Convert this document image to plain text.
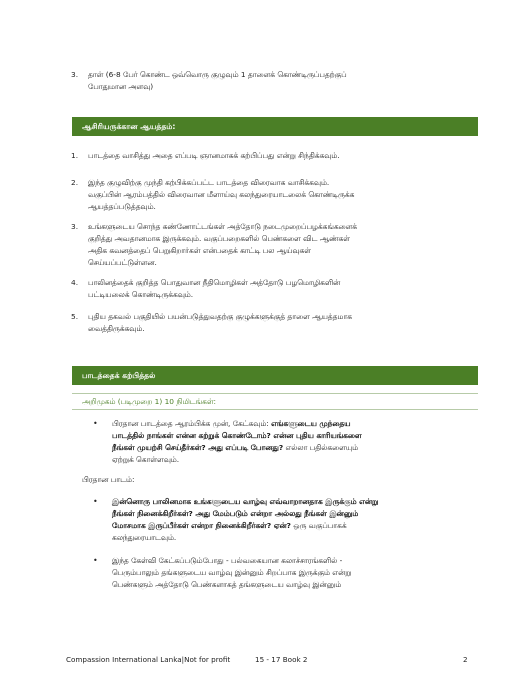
3. தாள் (6-8 பேர் கொண்ட ஒவ்வொரு குழுவும் 1 தாளைக் கொண்டிருப்பதற்குப்
போதுமான அளவு)
ஆசிரியருக்கான ஆயத்தம்:
1. பாடத்தை வாசித்து அதை எப்படி ஞானமாகக் கற்பிப்பது என்று சிந்திக்கவும்.
2. இந்த குழுவிற்கு முந்தி கற்பிக்கப்பட்ட பாடத்தை விரைவாக வாசிக்கவும்.
வகுப்பின் ஆரம்பத்தில் விரைவான மீளாய்வு கலந்துரையாடலைக் கொண்டிருக்க
ஆயத்தப்படுத்தவும்.
3. உங்களுடைய சொந்த கண்ணோட்டங்கள் அத்தோடு நடைமுறைப்பழக்கங்களைக்
குறித்து அவதானமாக இருக்கவும். வகுப்பறைகளில் பெண்களை விட ஆண்கள்
அதிக கவனத்தைப் பெறுகிறார்கள் என்பதைக் காட்டி பல ஆய்வுகள்
செய்யப்பட்டுள்ளன.
4. பாலினத்தைக் குறித்த பொதுவான நீதிமொழிகள் அத்தோடு பழமொழிகளின்
பட்டியலைக் கொண்டிருக்கவும்.
5. புதிய தகவல் பகுதியில் பயன்படுத்துவதற்கு குழுக்களுக்குத் தாளை ஆயத்தமாக
வைத்திருக்கவும்.
பாடத்தைக் கற்பித்தல்
அறிமுகம் (படிமுறை 1) 10 நிமிடங்கள்:
• பிரதான பாடத்தை ஆரம்பிக்க முன், கேட்கவும்: எங்களுடைய முந்தைய
பாடத்தில் நாங்கள் என்ன கற்றுக் கொண்டோம்? என்ன புதிய காரியங்களை
நீங்கள் முயற்சி செய்தீர்கள்? அது எப்படி போனது? எல்லா பதில்களையும்
ஏற்றுக் கொள்ளவும்.
பிரதான பாடம்:
• இன்னொரு பாலினமாக உங்களுடைய வாழ்வு எவ்வாறானதாக இருக்கும் என்று
நீங்கள் நினைக்கிறீர்கள்? அது மேம்படும் என்றா அல்லது நீங்கள் இன்னும்
மோசமாக இருப்பீர்கள் என்றா நினைக்கிறீர்கள்? ஏன்? ஒரு வகுப்பாகக்
கலந்துரையாடவும்.
• இந்த கேள்வி கேட்கப்படும்போது - பல்வகையான கலாச்சாரங்களில் -
பெரும்பாலும் தங்களுடைய வாழ்வு இன்னும் சிறப்பாக இருக்கும் என்று
பெண்களும் அத்தோடு பெண்களாகத் தங்களுடைய வாழ்வு இன்னும்
Compassion International Lanka|Not for profit	15 - 17 Book 2	2
